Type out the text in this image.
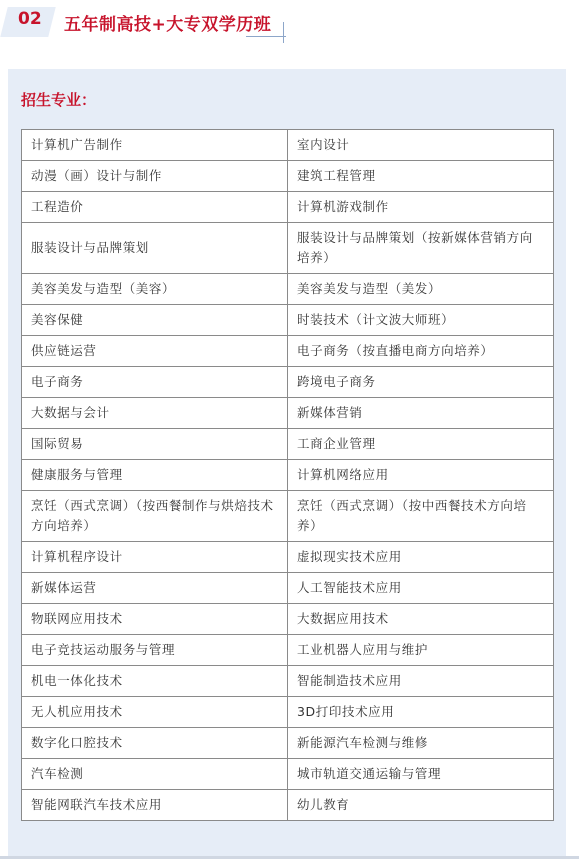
02 五年制高技+大专双学历班
招生专业：
计算机广告制作	室内设计
动漫（画）设计与制作	建筑工程管理
工程造价	计算机游戏制作
服装设计与品牌策划	服装设计与品牌策划（按新媒体营销方向培养）
美容美发与造型（美容）	美容美发与造型（美发）
美容保健	时装技术（计文波大师班）
供应链运营	电子商务（按直播电商方向培养）
电子商务	跨境电子商务
大数据与会计	新媒体营销
国际贸易	工商企业管理
健康服务与管理	计算机网络应用
烹饪（西式烹调）（按西餐制作与烘焙技术方向培养）	烹饪（西式烹调）（按中西餐技术方向培养）
计算机程序设计	虚拟现实技术应用
新媒体运营	人工智能技术应用
物联网应用技术	大数据应用技术
电子竞技运动服务与管理	工业机器人应用与维护
机电一体化技术	智能制造技术应用
无人机应用技术	3D打印技术应用
数字化口腔技术	新能源汽车检测与维修
汽车检测	城市轨道交通运输与管理
智能网联汽车技术应用	幼儿教育
